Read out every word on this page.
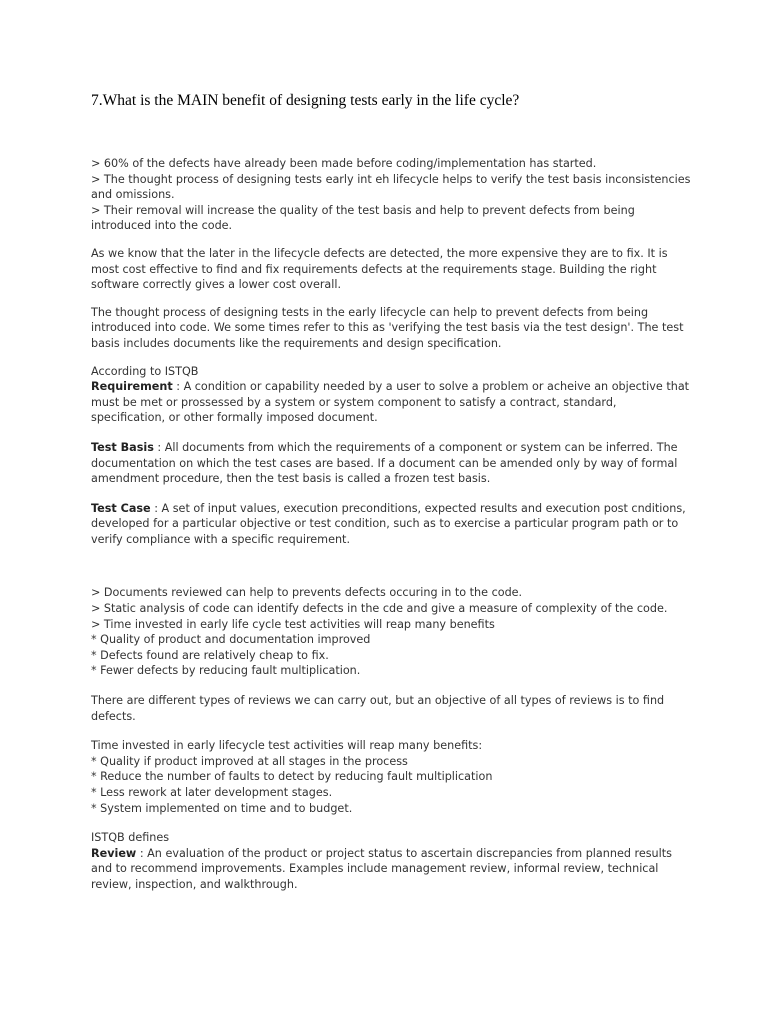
7.What is the MAIN benefit of designing tests early in the life cycle?

> 60% of the defects have already been made before coding/implementation has started.

> The thought process of designing tests early int eh lifecycle helps to verify the test basis inconsistencies and omissions.

> Their removal will increase the quality of the test basis and help to prevent defects from being introduced into the code.

As we know that the later in the lifecycle defects are detected, the more expensive they are to fix. It is most cost effective to find and fix requirements defects at the requirements stage. Building the right software correctly gives a lower cost overall.

The thought process of designing tests in the early lifecycle can help to prevent defects from being introduced into code. We some times refer to this as 'verifying the test basis via the test design'. The test basis includes documents like the requirements and design specification.

According to ISTQB

Requirement : A condition or capability needed by a user to solve a problem or acheive an objective that must be met or prossessed by a system or system component to satisfy a contract, standard, specification, or other formally imposed document.

Test Basis : All documents from which the requirements of a component or system can be inferred. The documentation on which the test cases are based. If a document can be amended only by way of formal amendment procedure, then the test basis is called a frozen test basis.

Test Case : A set of input values, execution preconditions, expected results and execution post cnditions, developed for a particular objective or test condition, such as to exercise a particular program path or to verify compliance with a specific requirement.

> Documents reviewed can help to prevents defects occuring in to the code.

> Static analysis of code can identify defects in the cde and give a measure of complexity of the code.

> Time invested in early life cycle test activities will reap many benefits

* Quality of product and documentation improved

* Defects found are relatively cheap to fix.

* Fewer defects by reducing fault multiplication.

There are different types of reviews we can carry out, but an objective of all types of reviews is to find defects.

Time invested in early lifecycle test activities will reap many benefits:

* Quality if product improved at all stages in the process

* Reduce the number of faults to detect by reducing fault multiplication

* Less rework at later development stages.

* System implemented on time and to budget.

ISTQB defines

Review : An evaluation of the product or project status to ascertain discrepancies from planned results and to recommend improvements. Examples include management review, informal review, technical review, inspection, and walkthrough.
